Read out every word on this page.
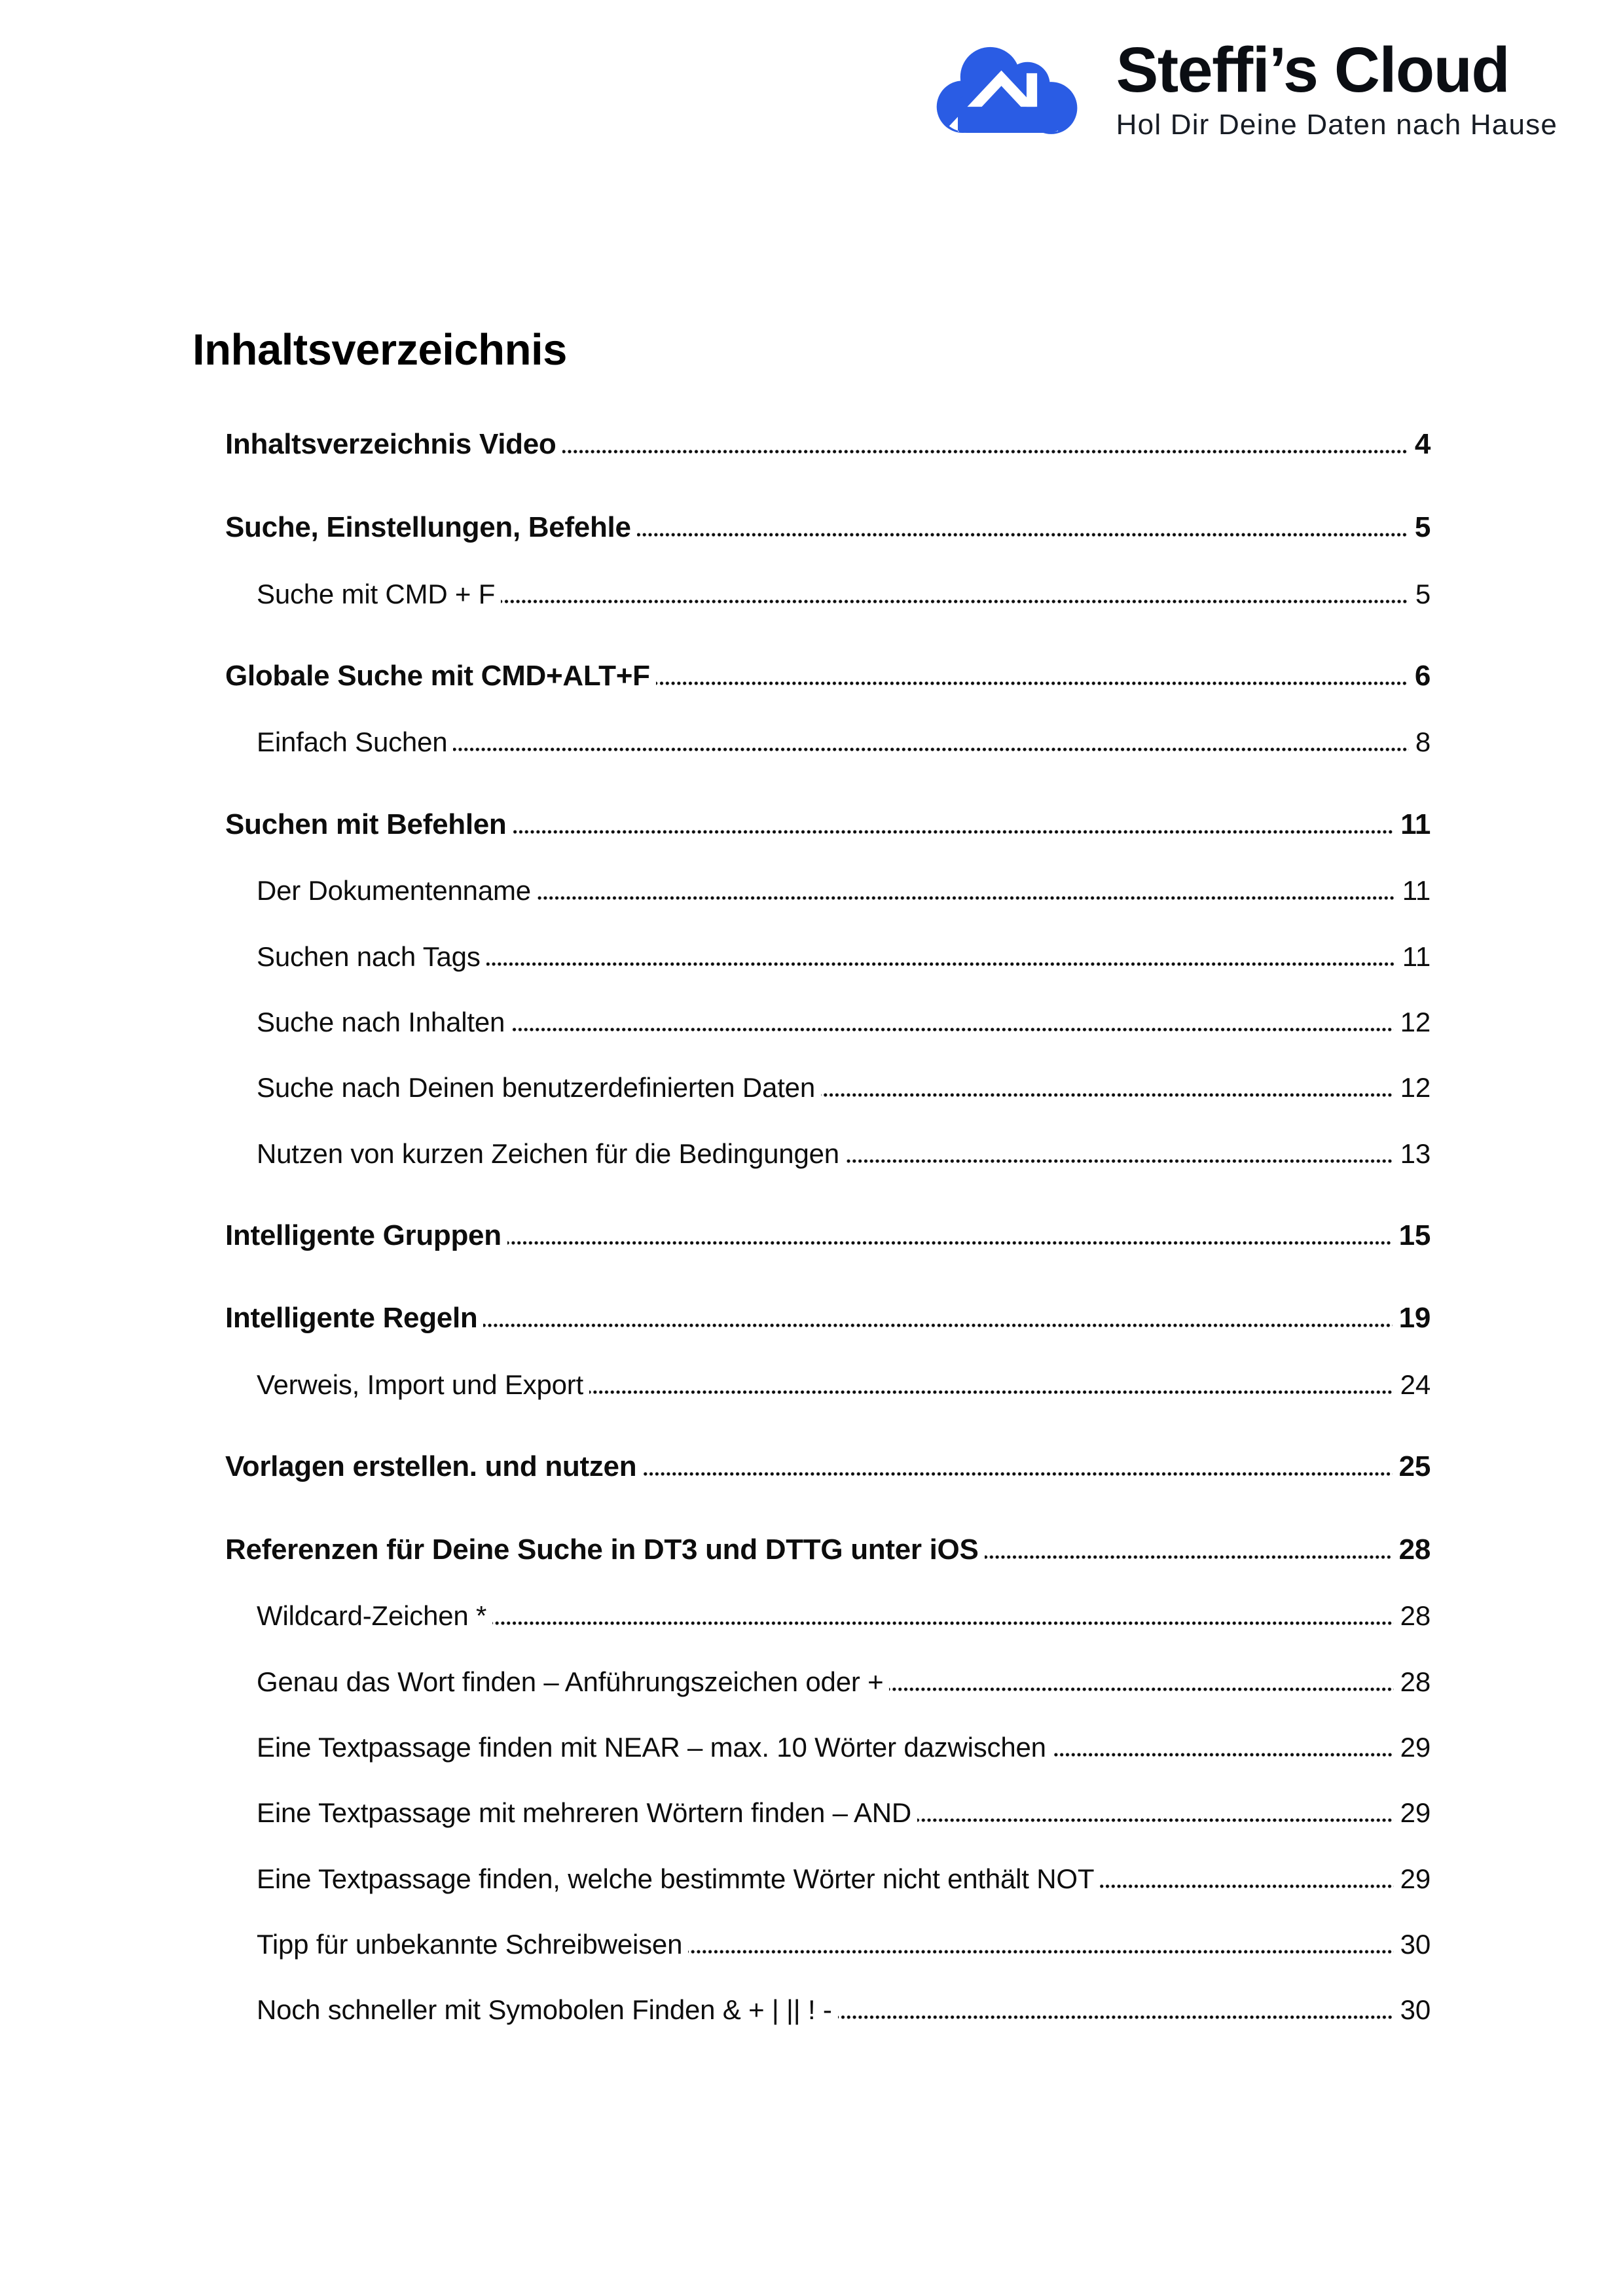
Steffi’s Cloud
Hol Dir Deine Daten nach Hause
Inhaltsverzeichnis
Inhaltsverzeichnis Video	4
Suche, Einstellungen, Befehle	5
Suche mit CMD + F	5
Globale Suche mit CMD+ALT+F	6
Einfach Suchen	8
Suchen mit Befehlen	11
Der Dokumentenname	11
Suchen nach Tags	11
Suche nach Inhalten	12
Suche nach Deinen benutzerdefinierten Daten	12
Nutzen von kurzen Zeichen für die Bedingungen	13
Intelligente Gruppen	15
Intelligente Regeln	19
Verweis, Import und Export	24
Vorlagen erstellen. und nutzen	25
Referenzen für Deine Suche in DT3 und DTTG unter iOS	28
Wildcard-Zeichen *	28
Genau das Wort finden – Anführungszeichen oder +	28
Eine Textpassage finden mit NEAR – max. 10 Wörter dazwischen	29
Eine Textpassage mit mehreren Wörtern finden – AND	29
Eine Textpassage finden, welche bestimmte Wörter nicht enthält NOT	29
Tipp für unbekannte Schreibweisen	30
Noch schneller mit Symobolen Finden & + | || ! -	30
